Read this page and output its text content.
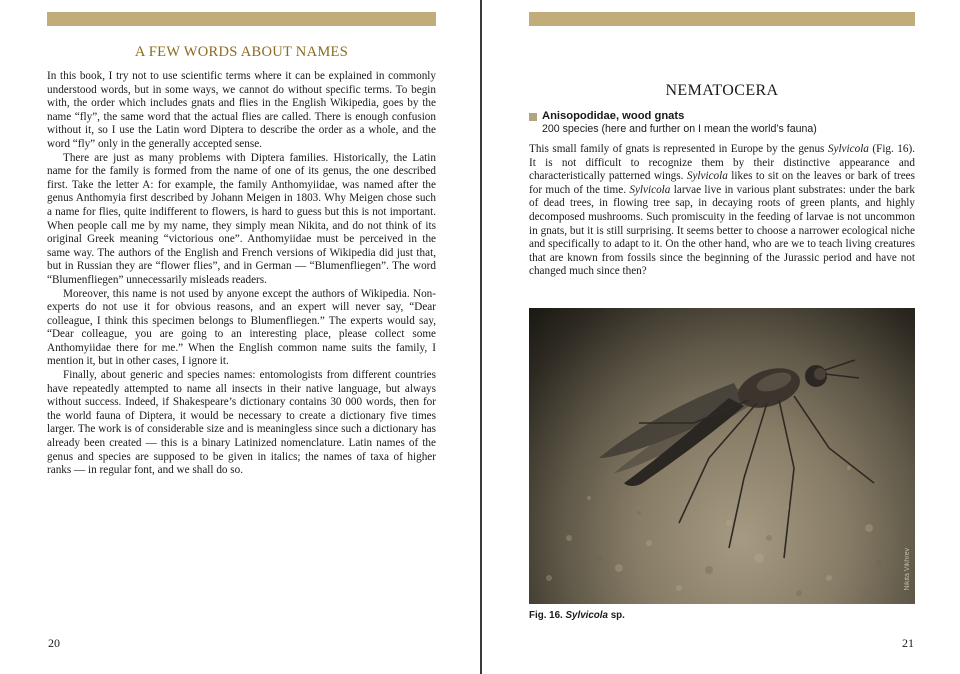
A FEW WORDS ABOUT NAMES

In this book, I try not to use scientific terms where it can be explained in commonly understood words, but in some ways, we cannot do without specific terms. To begin with, the order which includes gnats and flies in the English Wikipedia, goes by the name “fly”, the same word that the actual flies are called. There is enough confusion without it, so I use the Latin word Diptera to describe the order as a whole, and the word “fly” only in the generally accepted sense.

There are just as many problems with Diptera families. Historically, the Latin name for the family is formed from the name of one of its genus, the one described first. Take the letter A: for example, the family Anthomyiidae, was named after the genus Anthomyia first described by Johann Meigen in 1803. Why Meigen chose such a name for flies, quite indifferent to flowers, is hard to guess but this is not important. When people call me by my name, they simply mean Nikita, and do not think of its original Greek meaning “victorious one”. Anthomyiidae must be perceived in the same way. The authors of the English and French versions of Wikipedia did just that, but in Russian they are “flower flies”, and in German — “Blumenfliegen”. The word “Blumenfliegen” unnecessarily misleads readers.

Moreover, this name is not used by anyone except the authors of Wikipedia. Non-experts do not use it for obvious reasons, and an expert will never say, “Dear colleague, I think this specimen belongs to Blumenfliegen.” The experts would say, “Dear colleague, you are going to an interesting place, please collect some Anthomyiidae there for me.” When the English common name suits the family, I mention it, but in other cases, I ignore it.

Finally, about generic and species names: entomologists from different countries have repeatedly attempted to name all insects in their native language, but always without success. Indeed, if Shakespeare’s dictionary contains 30 000 words, then for the world fauna of Diptera, it would be necessary to create a dictionary five times larger. The work is of considerable size and is meaningless since such a dictionary has already been created — this is a binary Latinized nomenclature. Latin names of the genus and species are supposed to be given in italics; the names of taxa of higher ranks — in regular font, and we shall do so.

20

NEMATOCERA
Anisopodidae, wood gnats
200 species (here and further on I mean the world’s fauna)

This small family of gnats is represented in Europe by the genus Sylvicola (Fig. 16). It is not difficult to recognize them by their distinctive appearance and characteristically patterned wings. Sylvicola likes to sit on the leaves or bark of trees for much of the time. Sylvicola larvae live in various plant substrates: under the bark of dead trees, in flowing tree sap, in decaying roots of green plants, and highly decomposed mushrooms. Such promiscuity in the feeding of larvae is not uncommon in gnats, but it is still surprising. It seems better to choose a narrower ecological niche and specifically to adapt to it. On the other hand, who are we to teach living creatures that are known from fossils since the beginning of the Jurassic period and have not changed much since then?

Nikita Vikhrev

Fig. 16. Sylvicola sp.

21
